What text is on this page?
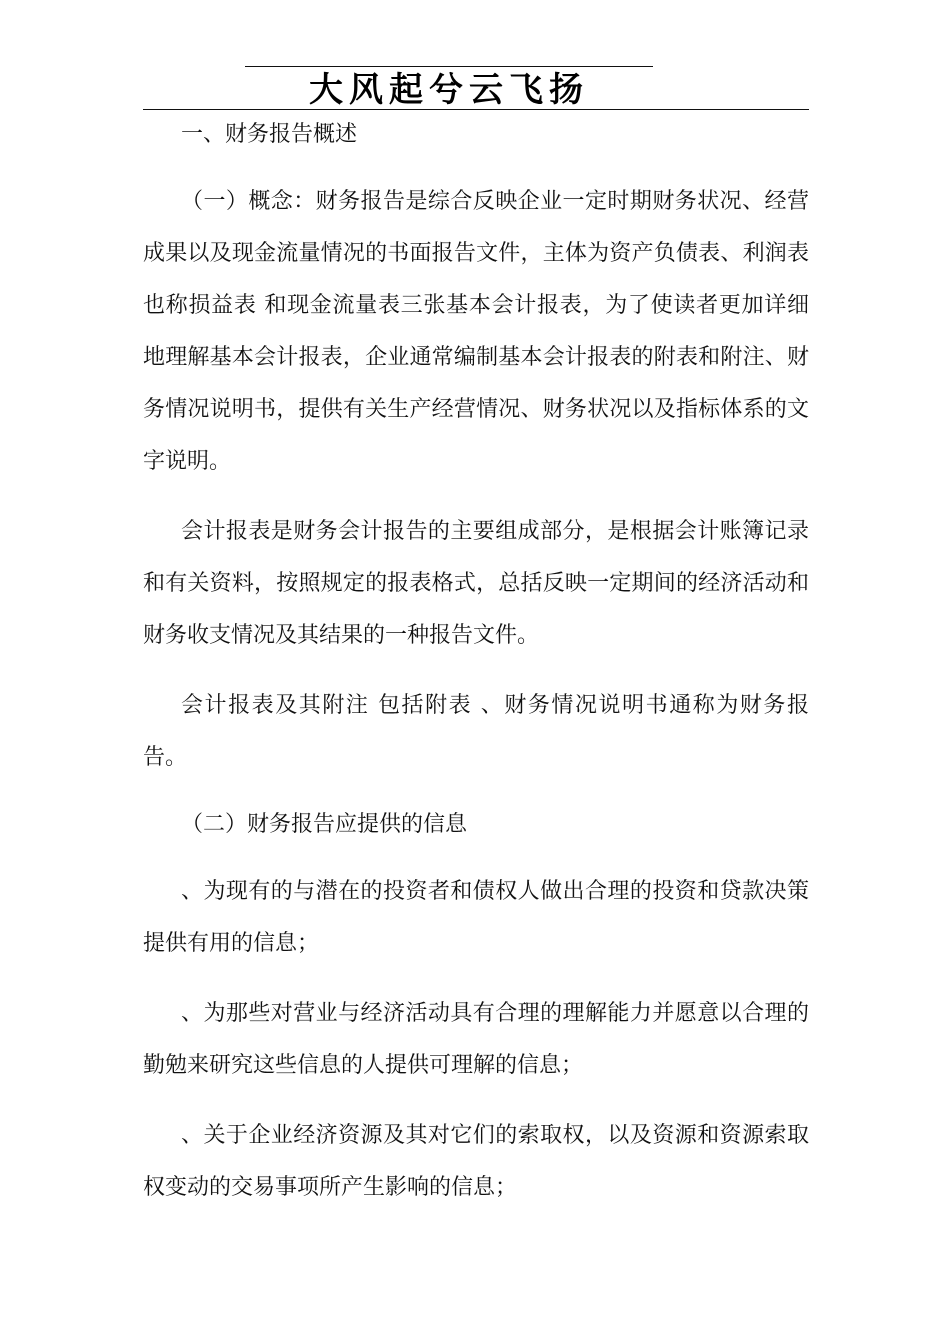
大风起兮云飞扬

一、财务报告概述

（一）概念：财务报告是综合反映企业一定时期财务状况、经营成果以及现金流量情况的书面报告文件，主体为资产负债表、利润表 也称损益表 和现金流量表三张基本会计报表，为了使读者更加详细地理解基本会计报表，企业通常编制基本会计报表的附表和附注、财务情况说明书，提供有关生产经营情况、财务状况以及指标体系的文字说明。

会计报表是财务会计报告的主要组成部分，是根据会计账簿记录和有关资料，按照规定的报表格式，总括反映一定期间的经济活动和财务收支情况及其结果的一种报告文件。

会计报表及其附注 包括附表 、财务情况说明书通称为财务报告。

（二）财务报告应提供的信息

、为现有的与潜在的投资者和债权人做出合理的投资和贷款决策提供有用的信息；

、为那些对营业与经济活动具有合理的理解能力并愿意以合理的勤勉来研究这些信息的人提供可理解的信息；

、关于企业经济资源及其对它们的索取权，以及资源和资源索取权变动的交易事项所产生影响的信息；
